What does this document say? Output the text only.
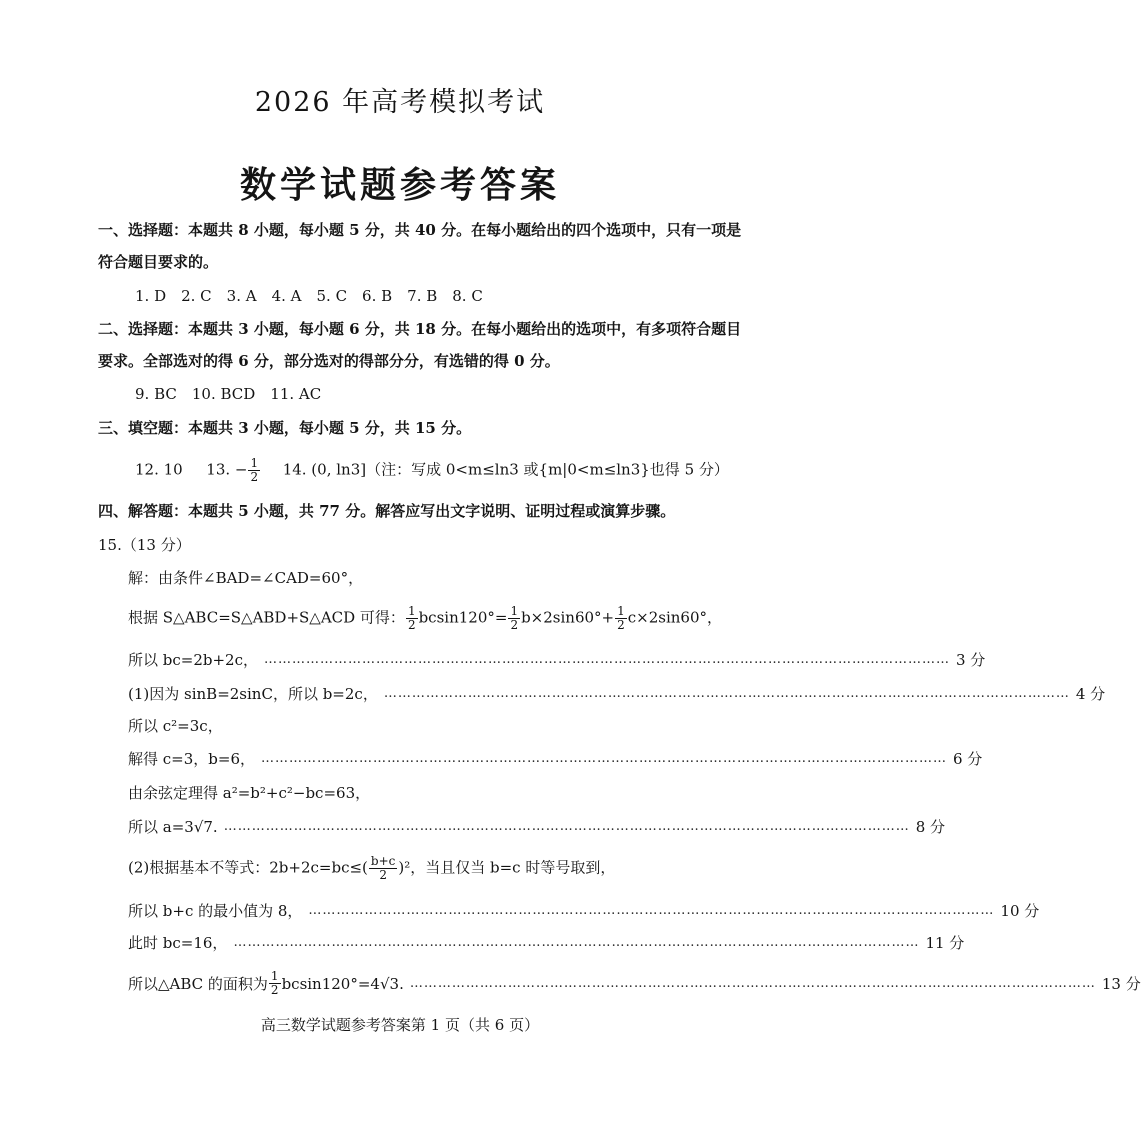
2026 年高考模拟考试
数学试题参考答案
一、选择题：本题共 8 小题，每小题 5 分，共 40 分。在每小题给出的四个选项中，只有一项是
符合题目要求的。
1. D　2. C　3. A　4. A　5. C　6. B　7. B　8. C
二、选择题：本题共 3 小题，每小题 6 分，共 18 分。在每小题给出的选项中，有多项符合题目
要求。全部选对的得 6 分，部分选对的得部分分，有选错的得 0 分。
9. BC　10. BCD　11. AC
三、填空题：本题共 3 小题，每小题 5 分，共 15 分。
12. 10 13. − $\frac{1}{2} 14$. (0, ln3]（注：写成 0<m≤ln3 或{m|0<m≤ln3}也得 5 分）
四、解答题：本题共 5 小题，共 77 分。解答应写出文字说明、证明过程或演算步骤。
15.（13 分）
解：由条件∠BAD=∠CAD=60°，
根据 S△ABC=S△ABD+S△ACD 可得： $\frac{1}{2} bcsin120^\circ= \frac{1}{2} b\times 2\sin 60^\circ+ \frac{1}{2} c\times 2\sin 60^\circ$，
所以 bc=2b+2c， ………………………………………………………………………………………………………………………………… 3 分
(1)因为 sinB=2sinC，所以 b=2c， ………………………………………………………………………………………………………………………………… 4 分
所以 c²=3c，
解得 c=3，b=6， ………………………………………………………………………………………………………………………………… 6 分
由余弦定理得 a²=b²+c²−bc=63，
所以 a=3√7. ………………………………………………………………………………………………………………………………… 8 分
(2)根据基本不等式：$2b+2c=bc\le( \frac{b+c}{2} )^2$，当且仅当 b=c 时等号取到，
所以 b+c 的最小值为 8， ………………………………………………………………………………………………………………………………… 10 分
此时 bc=16， ………………………………………………………………………………………………………………………………… 11 分
所以△ABC 的面积为 $\frac{1}{2} bcsin120^\circ=4√3$. ………………………………………………………………………………………………………………………………… 13 分
高三数学试题参考答案第 1 页（共 6 页）
